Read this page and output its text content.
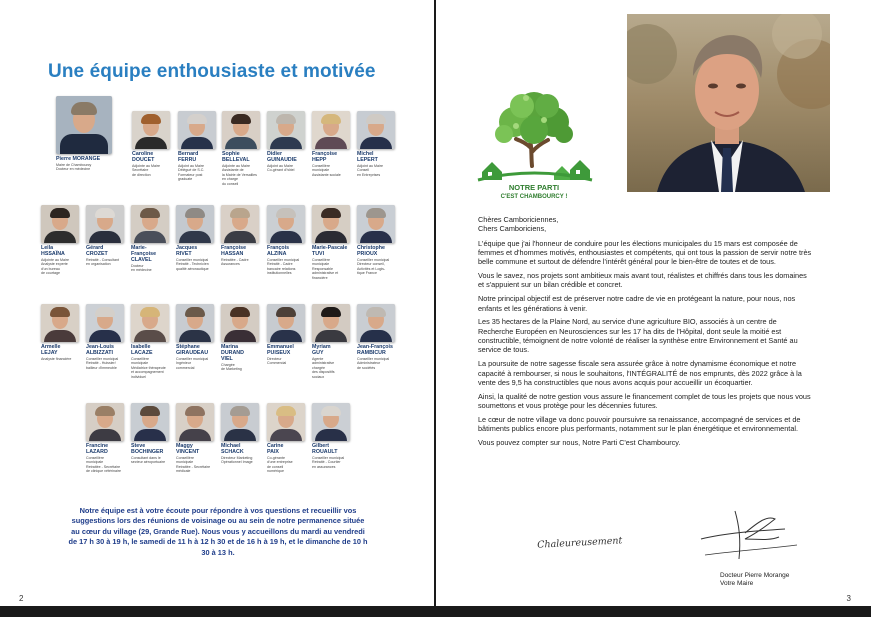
Une équipe enthousiaste et motivée
Pierre MORANGE
Maire de Chambourcy
Docteur en médecine
Caroline
DOUCET
Adjointe au Maire
Secrétaire
de direction
Bernard
FERRU
Adjoint au Maire
Délégué de S.C.
Formateur post
graduate
Sophie
BELLEVAL
Adjointe au Maire
Assistante de
la Mairie de Versailles
en charge
du conseil
Didier
GUINAUDIE
Adjoint au Maire
Co-gérant d'hôtel
Françoise
HEPP
Conseillère
municipale
Assistante sociale
Michel
LEPERT
Adjoint au Maire
Conseil
en Entreprises
Leila
HSSAÏNA
Adjointe au Maire
Analyste experte
d'un bureau
de courtage
Gérard
CROZET
Retraité - Consultant
en organisation
Marie-
Françoise
CLAVEL
Docteur
en médecine
Jacques
RIVET
Conseiller municipal
Retraité - Technicien
qualité aéronautique
Françoise
HASSAN
Retraitée - Cadre
Assurances
François
ALZINA
Conseiller municipal
Retraité - Cadre
bancaire relations
institutionnelles
Marie-Pascale
TUVI
Conseillère
municipale
Responsable
administrative et
financière
Christophe
PRIOUX
Conseiller municipal
Directeur conseil,
Activités et Logis-
tique France
Armelle
LEJAY
Analyste financière
Jean-Louis
ALBIZZATI
Conseiller municipal
Retraité - Huissier/
bailleur d'immeuble
Isabelle
LACAZE
Conseillère
municipale
Médiatrice thérapeute
et accompagnement
individuel
Stéphane
GIRAUDEAU
Conseiller municipal
Ingénieur
commercial
Marina
DURAND
VIEL
Chargée
de Marketing
Emmanuel
PUISEUX
Directeur
Commercial
Myriam
GUY
Agente
administrative
chargée
des dispositifs
sociaux
Jean-François
RAMBICUR
Conseiller municipal
Administrateur
de sociétés
Francine
LAZARD
Conseillère
municipale
Retraitée - Secrétaire
de clinique vétérinaire
Steve
BOCHINGER
Consultant dans le
secteur aéroportuaire
Maggy
VINCENT
Conseillère
municipale
Retraitée - Secrétaire
médicale
Michael
SCHACK
Directeur Marketing
Opérationnel Image
Carine
PAIX
Co-gérante
d'une entreprise
de conseil
numérique
Gilbert
ROUAULT
Conseiller municipal
Retraité - Courtier
en assurances
Notre équipe est à votre écoute pour répondre à vos questions et recueillir vos suggestions lors des réunions de voisinage ou au sein de notre permanence située au cœur du village (29, Grande Rue). Nous vous y accueillons du mardi au vendredi de 17 h 30 à 19 h, le samedi de 11 h à 12 h 30 et de 16 h à 19 h, et le dimanche de 10 h 30 à 13 h.
2	3
NOTRE PARTI
C'EST CHAMBOURCY !
Chères Camboriciennes,
Chers Camboriciens,

L'équipe que j'ai l'honneur de conduire pour les élections municipales du 15 mars est composée de femmes et d'hommes motivés, enthousiastes et compétents, qui ont tous la passion de servir notre très belle commune et surtout de défendre l'intérêt général pour le bien-être de toutes et de tous.

Vous le savez, nos projets sont ambitieux mais avant tout, réalistes et chiffrés dans tous les domaines et s'appuient sur un bilan crédible et concret.

Notre principal objectif est de préserver notre cadre de vie en protégeant la nature, pour nous, nos enfants et les générations à venir.

Les 35 hectares de la Plaine Nord, au service d'une agriculture BIO, associés à un centre de Recherche Européen en Neurosciences sur les 17 ha dits de l'Hôpital, dont seule la moitié est constructible, témoignent de notre volonté de réaliser la synthèse entre Environnement et Santé au service de tous.

La poursuite de notre sagesse fiscale sera assurée grâce à notre dynamisme économique et notre capacité à rembourser, si nous le souhaitons, l'INTÉGRALITÉ de nos emprunts, dès 2022 grâce à la vente des 9,5 ha constructibles que nous avons acquis pour accueillir un écoquartier.

Ainsi, la qualité de notre gestion vous assure le financement complet de tous les projets que nous vous soumettons et vous protège pour les décennies futures.

Le cœur de notre village va donc pouvoir poursuivre sa renaissance, accompagné de services et de bâtiments publics encore plus performants, notamment sur le plan énergétique et environnemental.

Vous pouvez compter sur nous, Notre Parti C'est Chambourcy.

Chaleureusement
Docteur Pierre Morange
Votre Maire
